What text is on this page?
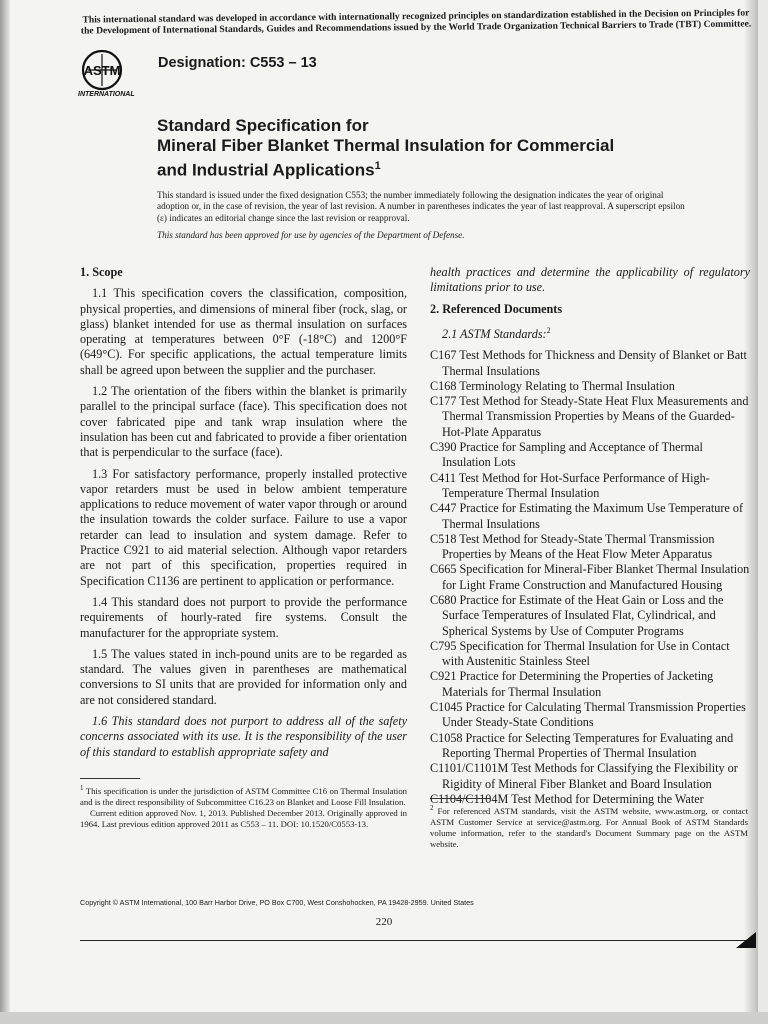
This international standard was developed in accordance with internationally recognized principles on standardization established in the Decision on Principles for the Development of International Standards, Guides and Recommendations issued by the World Trade Organization Technical Barriers to Trade (TBT) Committee.
ASTM
INTERNATIONAL
Designation: C553 – 13
Standard Specification for
Mineral Fiber Blanket Thermal Insulation for Commercial
and Industrial Applications$^1$
This standard is issued under the fixed designation C553; the number immediately following the designation indicates the year of original adoption or, in the case of revision, the year of last revision. A number in parentheses indicates the year of last reapproval. A superscript epsilon (ε) indicates an editorial change since the last revision or reapproval.
This standard has been approved for use by agencies of the Department of Defense.

1. Scope

1.1 This specification covers the classification, composition, physical properties, and dimensions of mineral fiber (rock, slag, or glass) blanket intended for use as thermal insulation on surfaces operating at temperatures between 0°F (-18°C) and 1200°F (649°C). For specific applications, the actual temperature limits shall be agreed upon between the supplier and the purchaser.

1.2 The orientation of the fibers within the blanket is primarily parallel to the principal surface (face). This specification does not cover fabricated pipe and tank wrap insulation where the insulation has been cut and fabricated to provide a fiber orientation that is perpendicular to the surface (face).

1.3 For satisfactory performance, properly installed protective vapor retarders must be used in below ambient temperature applications to reduce movement of water vapor through or around the insulation towards the colder surface. Failure to use a vapor retarder can lead to insulation and system damage. Refer to Practice C921 to aid material selection. Although vapor retarders are not part of this specification, properties required in Specification C1136 are pertinent to application or performance.

1.4 This standard does not purport to provide the performance requirements of hourly-rated fire systems. Consult the manufacturer for the appropriate system.

1.5 The values stated in inch-pound units are to be regarded as standard. The values given in parentheses are mathematical conversions to SI units that are provided for information only and are not considered standard.

1.6 This standard does not purport to address all of the safety concerns associated with its use. It is the responsibility of the user of this standard to establish appropriate safety and

health practices and determine the applicability of regulatory limitations prior to use.

2. Referenced Documents

2.1 ASTM Standards:$^2$

C167 Test Methods for Thickness and Density of Blanket or Batt Thermal Insulations
C168 Terminology Relating to Thermal Insulation
C177 Test Method for Steady-State Heat Flux Measurements and Thermal Transmission Properties by Means of the Guarded-Hot-Plate Apparatus
C390 Practice for Sampling and Acceptance of Thermal Insulation Lots
C411 Test Method for Hot-Surface Performance of High-Temperature Thermal Insulation
C447 Practice for Estimating the Maximum Use Temperature of Thermal Insulations
C518 Test Method for Steady-State Thermal Transmission Properties by Means of the Heat Flow Meter Apparatus
C665 Specification for Mineral-Fiber Blanket Thermal Insulation for Light Frame Construction and Manufactured Housing
C680 Practice for Estimate of the Heat Gain or Loss and the Surface Temperatures of Insulated Flat, Cylindrical, and Spherical Systems by Use of Computer Programs
C795 Specification for Thermal Insulation for Use in Contact with Austenitic Stainless Steel
C921 Practice for Determining the Properties of Jacketing Materials for Thermal Insulation
C1045 Practice for Calculating Thermal Transmission Properties Under Steady-State Conditions
C1058 Practice for Selecting Temperatures for Evaluating and Reporting Thermal Properties of Thermal Insulation
C1101/C1101M Test Methods for Classifying the Flexibility or Rigidity of Mineral Fiber Blanket and Board Insulation
C1104/C1104M Test Method for Determining the Water
$^1$ This specification is under the jurisdiction of ASTM Committee C16 on Thermal Insulation and is the direct responsibility of Subcommittee C16.23 on Blanket and Loose Fill Insulation.
Current edition approved Nov. 1, 2013. Published December 2013. Originally approved in 1964. Last previous edition approved 2011 as C553 – 11. DOI: 10.1520/C0553-13.
$^2$ For referenced ASTM standards, visit the ASTM website, www.astm.org, or contact ASTM Customer Service at service@astm.org. For Annual Book of ASTM Standards volume information, refer to the standard's Document Summary page on the ASTM website.
Copyright © ASTM International, 100 Barr Harbor Drive, PO Box C700, West Conshohocken, PA 19428-2959. United States
220
